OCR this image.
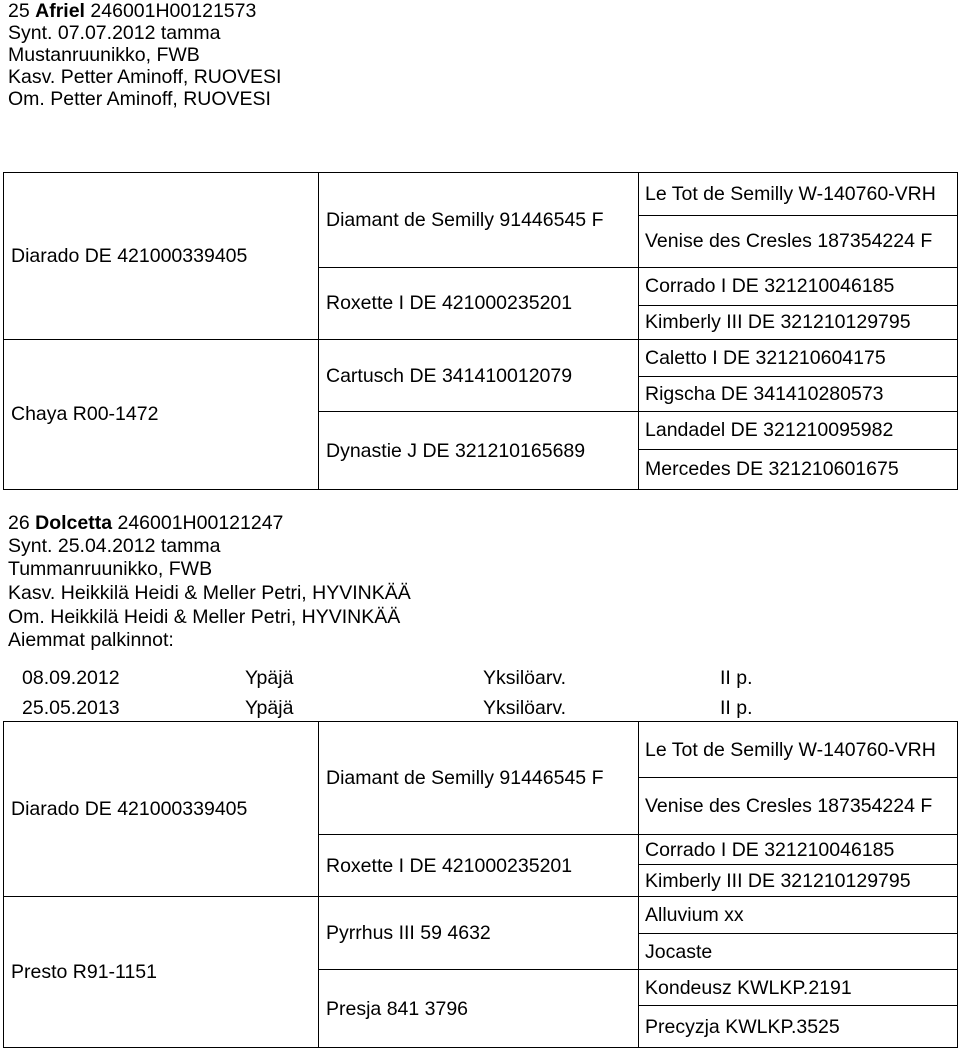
25 Afriel 246001H00121573
Synt. 07.07.2012 tamma
Mustanruunikko, FWB
Kasv. Petter Aminoff, RUOVESI
Om. Petter Aminoff, RUOVESI
Diarado DE 421000339405	Diamant de Semilly 91446545 F	Le Tot de Semilly W-140760-VRH
		Venise des Cresles 187354224 F
	Roxette I DE 421000235201	Corrado I DE 321210046185
		Kimberly III DE 321210129795
Chaya R00-1472	Cartusch DE 341410012079	Caletto I DE 321210604175
		Rigscha DE 341410280573
	Dynastie J DE 321210165689	Landadel DE 321210095982
		Mercedes DE 321210601675
26 Dolcetta 246001H00121247
Synt. 25.04.2012 tamma
Tummanruunikko, FWB
Kasv. Heikkilä Heidi & Meller Petri, HYVINKÄÄ
Om. Heikkilä Heidi & Meller Petri, HYVINKÄÄ
Aiemmat palkinnot:
08.09.2012	Ypäjä	Yksilöarv.	II p.
25.05.2013	Ypäjä	Yksilöarv.	II p.
Diarado DE 421000339405	Diamant de Semilly 91446545 F	Le Tot de Semilly W-140760-VRH
		Venise des Cresles 187354224 F
	Roxette I DE 421000235201	Corrado I DE 321210046185
		Kimberly III DE 321210129795
Presto R91-1151	Pyrrhus III 59 4632	Alluvium xx
		Jocaste
	Presja 841 3796	Kondeusz KWLKP.2191
		Precyzja KWLKP.3525
